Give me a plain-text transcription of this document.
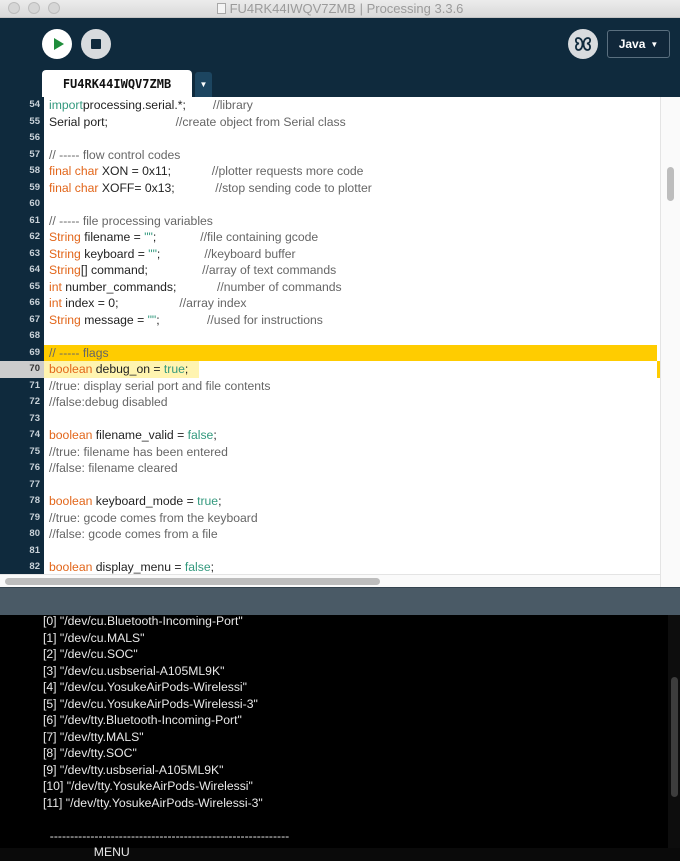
FU4RK44IWQV7ZMB | Processing 3.3.6
Java ▼
FU4RK44IWQV7ZMB	▼
54
55
56
57
58
59
60
61
62
63
64
65
66
67
68
69
70
71
72
73
74
75
76
77
78
79
80
81
82
importprocessing.serial.*;        //library
Serial port;                    //create object from Serial class
// ----- flow control codes
final char XON = 0x11;            //plotter requests more code
final char XOFF= 0x13;            //stop sending code to plotter
// ----- file processing variables
String filename = "";             //file containing gcode
String keyboard = "";             //keyboard buffer
String[] command;                //array of text commands
int number_commands;            //number of commands
int index = 0;                  //array index
String message = "";              //used for instructions
// ----- flags
boolean debug_on = true;
//true: display serial port and file contents
//false:debug disabled
boolean filename_valid = false;
//true: filename has been entered
//false: filename cleared
boolean keyboard_mode = true;
//true: gcode comes from the keyboard
//false: gcode comes from a file
boolean display_menu = false;
MENU
-----------------------------------------------------------
[11] "/dev/tty.YosukeAirPods-Wirelessi-3"
[10] "/dev/tty.YosukeAirPods-Wirelessi"
[9] "/dev/tty.usbserial-A105ML9K"
[8] "/dev/tty.SOC"
[7] "/dev/tty.MALS"
[6] "/dev/tty.Bluetooth-Incoming-Port"
[5] "/dev/cu.YosukeAirPods-Wirelessi-3"
[4] "/dev/cu.YosukeAirPods-Wirelessi"
[3] "/dev/cu.usbserial-A105ML9K"
[2] "/dev/cu.SOC"
[1] "/dev/cu.MALS"
[0] "/dev/cu.Bluetooth-Incoming-Port"
